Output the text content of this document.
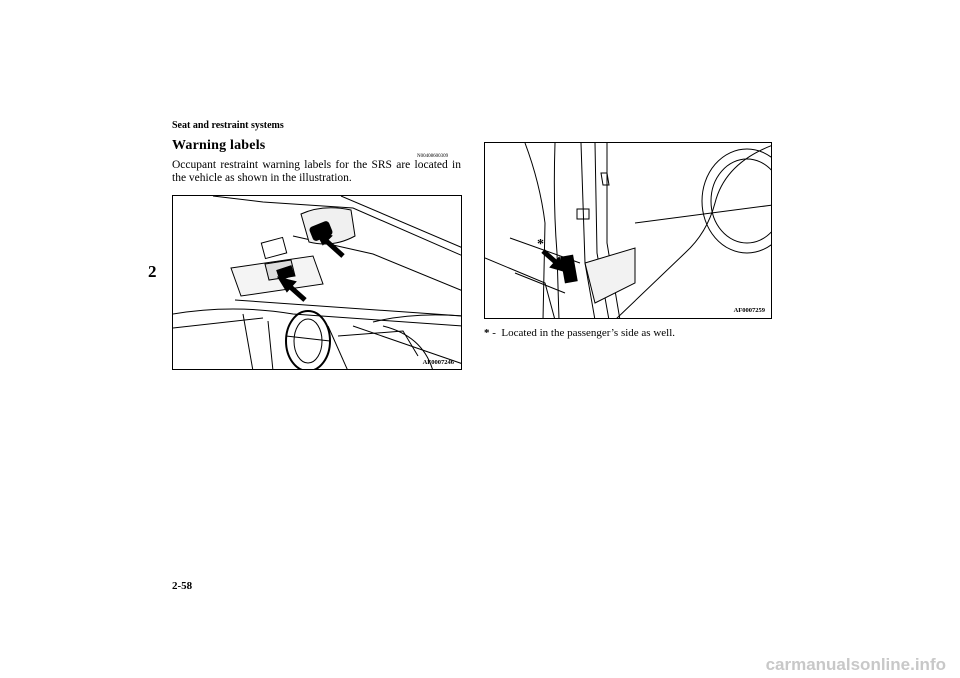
Seat and restraint systems
2
Warning labels
N00408600309
Occupant restraint warning labels for the SRS are located in the vehicle as shown in the illustration.
AF0007246
*
AF0007259
* - Located in the passenger’s side as well.
2-58
carmanualsonline.info
